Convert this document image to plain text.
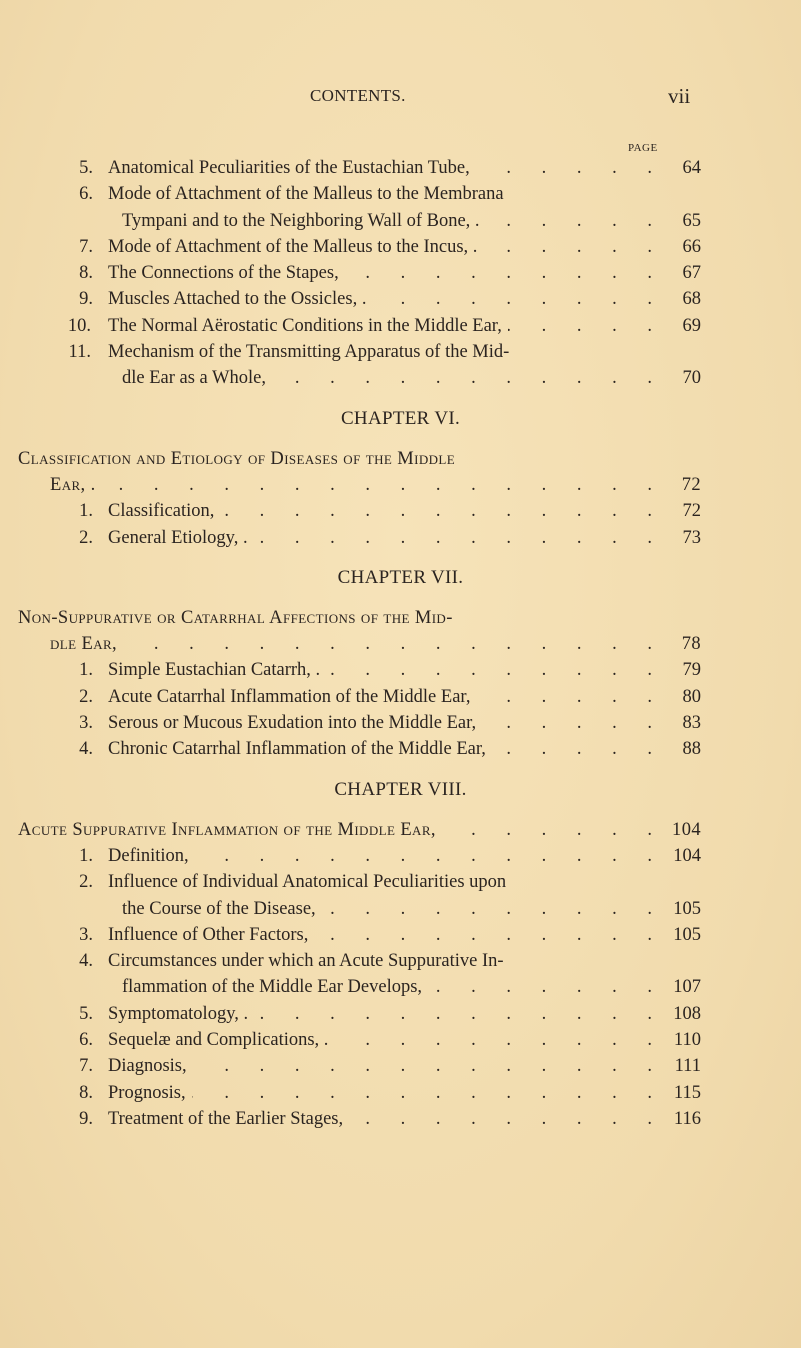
CONTENTS.	vii
PAGE
5. Anatomical Peculiarities of the Eustachian Tube, . . .	64
6. Mode of Attachment of the Malleus to the Membrana
Tympani and to the Neighboring Wall of Bone, . . . .	65
7. Mode of Attachment of the Malleus to the Incus, . . . .	66
8. The Connections of the Stapes, . . .	67
9. Muscles Attached to the Ossicles, . . . .	68
10. The Normal Aërostatic Conditions in the Middle Ear, . . .	69
11. Mechanism of the Transmitting Apparatus of the Mid-
dle Ear as a Whole, . . .	70
CHAPTER VI.
Classification and Etiology of Diseases of the Middle
Ear, . . . .	72
1. Classification, . . .	72
2. General Etiology, . . . .	73
CHAPTER VII.
Non-Suppurative or Catarrhal Affections of the Mid-
dle Ear, . . .	78
1. Simple Eustachian Catarrh, . . . .	79
2. Acute Catarrhal Inflammation of the Middle Ear, . . .	80
3. Serous or Mucous Exudation into the Middle Ear, . . .	83
4. Chronic Catarrhal Inflammation of the Middle Ear, . . .	88
CHAPTER VIII.
Acute Suppurative Inflammation of the Middle Ear, . . .	104
1. Definition, . . .	104
2. Influence of Individual Anatomical Peculiarities upon
the Course of the Disease, . . .	105
3. Influence of Other Factors, . . .	105
4. Circumstances under which an Acute Suppurative In-
flammation of the Middle Ear Develops, . . .	107
5. Symptomatology, . . . .	108
6. Sequelæ and Complications, . . . .	110
7. Diagnosis, . . .	111
8. Prognosis, . . .	115
9. Treatment of the Earlier Stages, . . .	116
